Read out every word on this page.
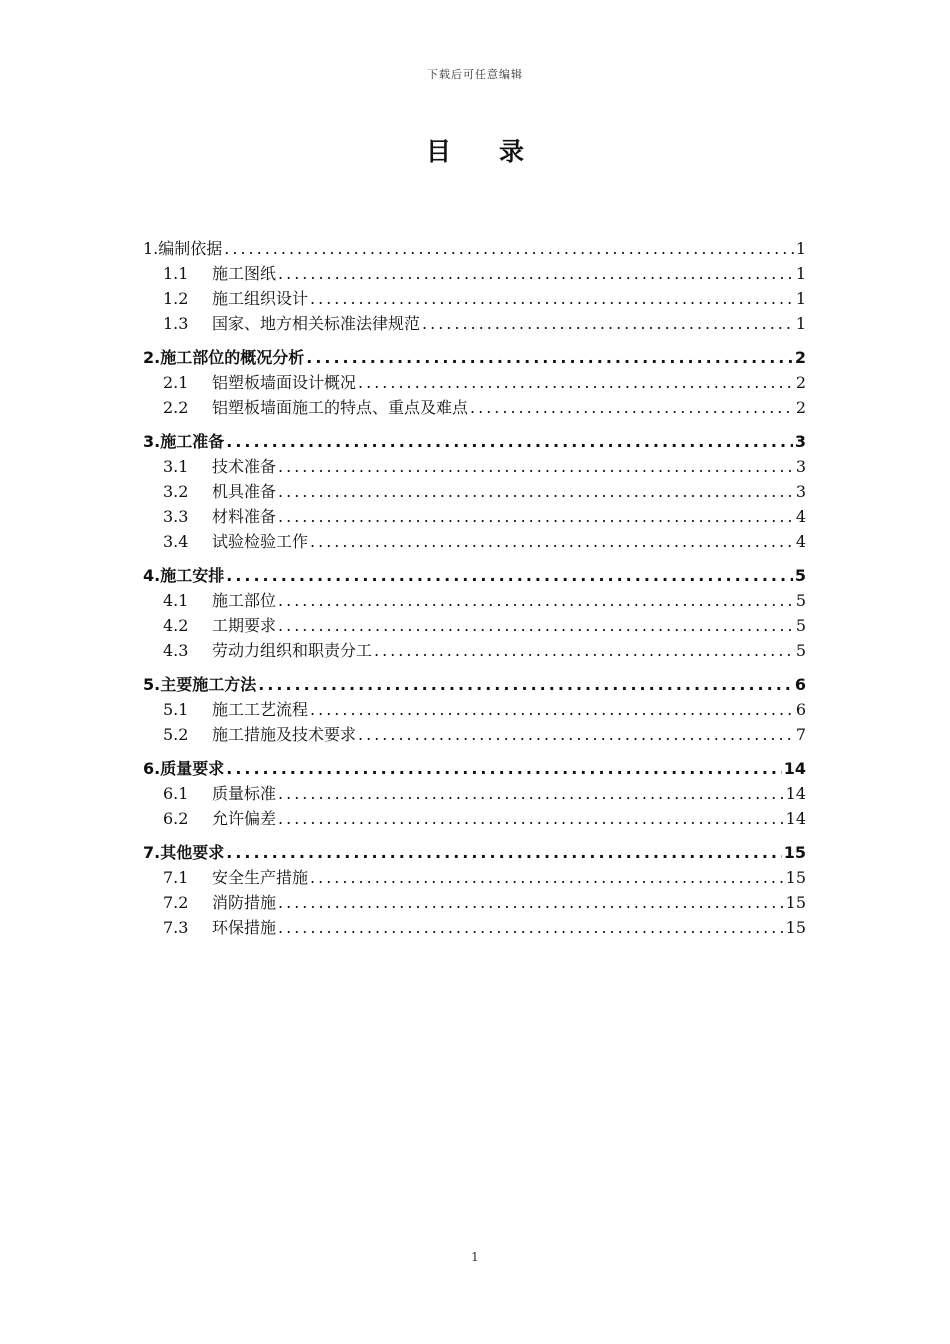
下载后可任意编辑
目录
1. 编制依据 .....	1
1.1	施工图纸 .....	1
1.2	施工组织设计 .....	1
1.3	国家、地方相关标准法律规范 .....	1
2. 施工部位的概况分析 .....	2
2.1	铝塑板墙面设计概况 .....	2
2.2	铝塑板墙面施工的特点、重点及难点 .....	2
3. 施工准备 .....	3
3.1	技术准备 .....	3
3.2	机具准备 .....	3
3.3	材料准备 .....	4
3.4	试验检验工作 .....	4
4. 施工安排 .....	5
4.1	施工部位 .....	5
4.2	工期要求 .....	5
4.3	劳动力组织和职责分工 .....	5
5. 主要施工方法 .....	6
5.1	施工工艺流程 .....	6
5.2	施工措施及技术要求 .....	7
6. 质量要求 .....	14
6.1	质量标准 .....	14
6.2	允许偏差 .....	14
7. 其他要求 .....	15
7.1	安全生产措施 .....	15
7.2	消防措施 .....	15
7.3	环保措施 .....	15
1
